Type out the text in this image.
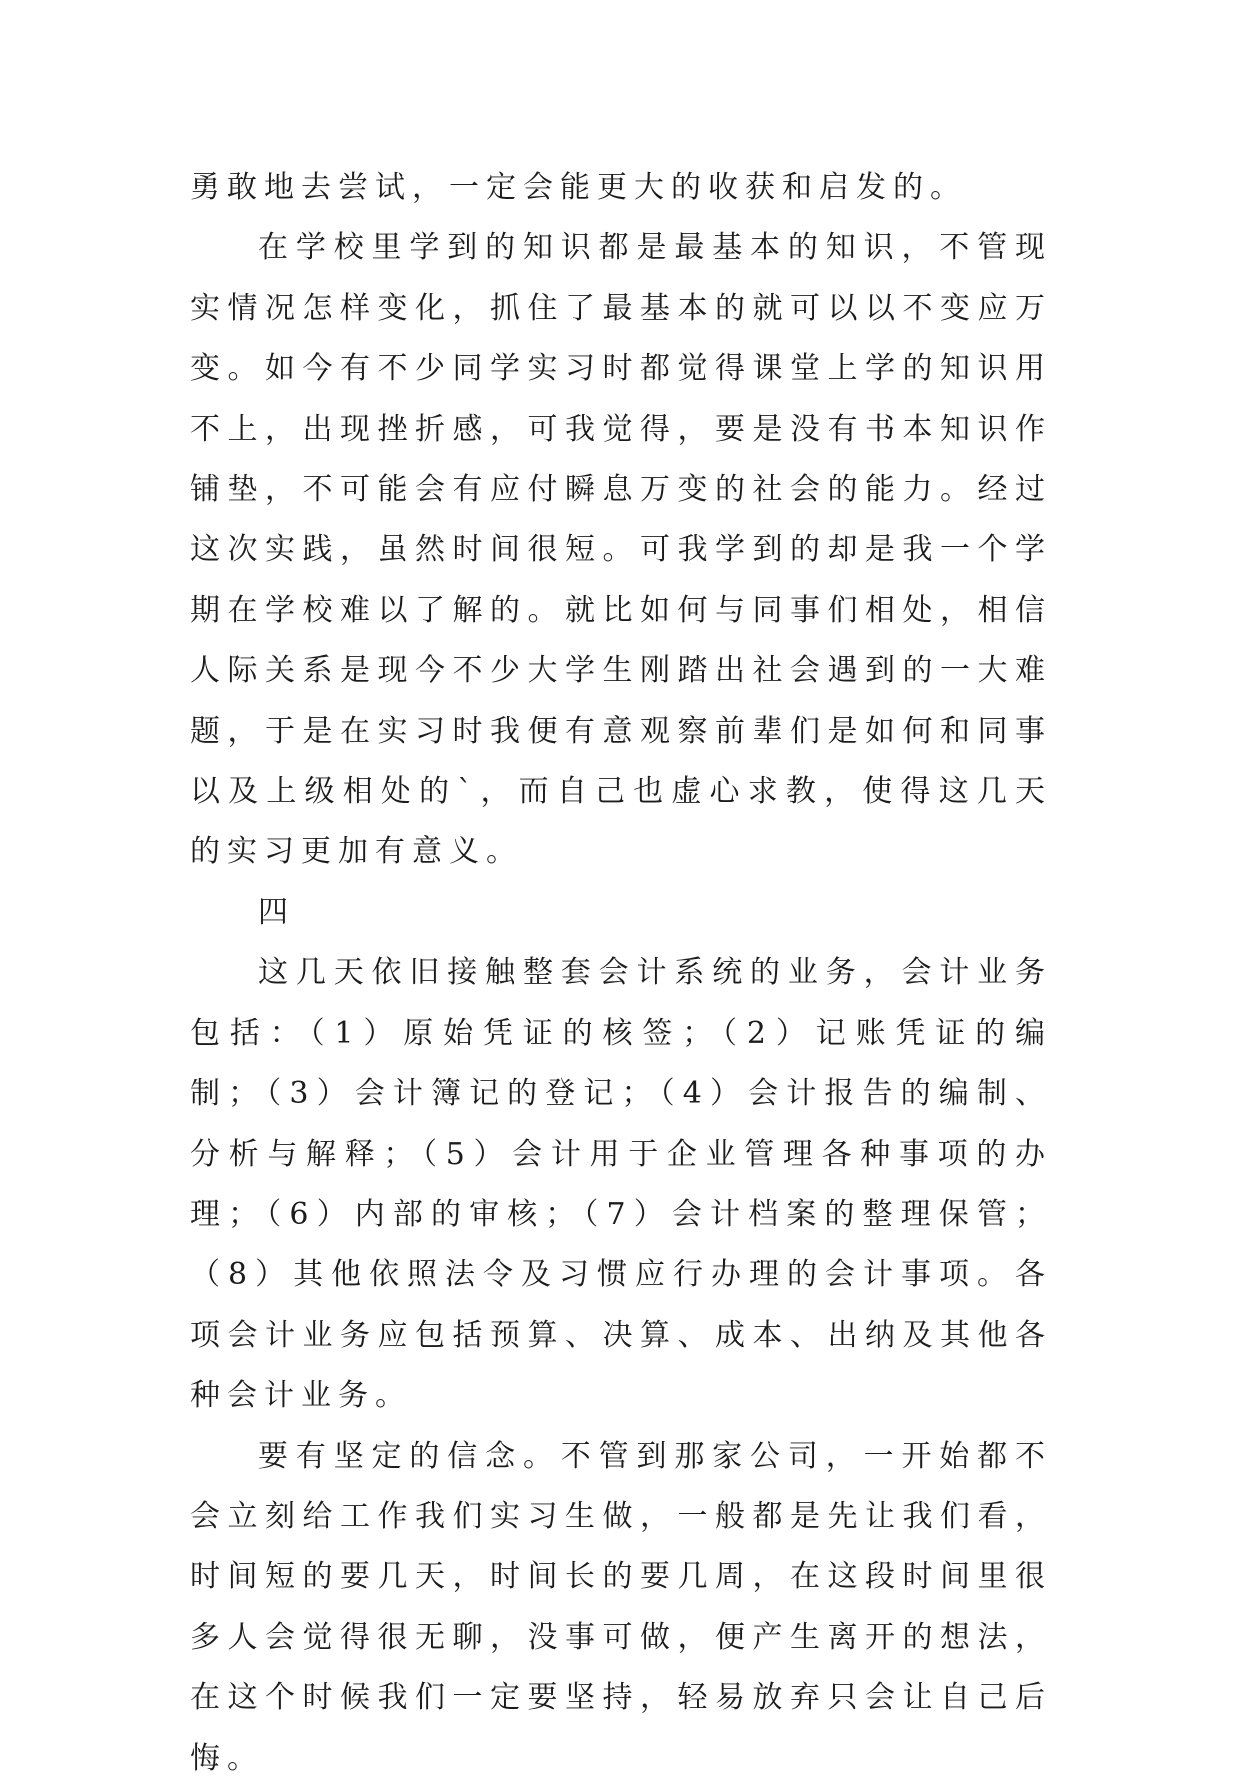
勇敢地去尝试，一定会能更大的收获和启发的。

在学校里学到的知识都是最基本的知识，不管现实情况怎样变化，抓住了最基本的就可以以不变应万变。如今有不少同学实习时都觉得课堂上学的知识用不上，出现挫折感，可我觉得，要是没有书本知识作铺垫，不可能会有应付瞬息万变的社会的能力。经过这次实践，虽然时间很短。可我学到的却是我一个学期在学校难以了解的。就比如何与同事们相处，相信人际关系是现今不少大学生刚踏出社会遇到的一大难题，于是在实习时我便有意观察前辈们是如何和同事以及上级相处的`，而自己也虚心求教，使得这几天的实习更加有意义。

四

这几天依旧接触整套会计系统的业务，会计业务包括：（1）原始凭证的核签；（2）记账凭证的编制；（3）会计簿记的登记；（4）会计报告的编制、分析与解释；（5）会计用于企业管理各种事项的办理；（6）内部的审核；（7）会计档案的整理保管；（8）其他依照法令及习惯应行办理的会计事项。各项会计业务应包括预算、决算、成本、出纳及其他各种会计业务。

要有坚定的信念。不管到那家公司，一开始都不会立刻给工作我们实习生做，一般都是先让我们看，时间短的要几天，时间长的要几周，在这段时间里很多人会觉得很无聊，没事可做，便产生离开的想法，在这个时候我们一定要坚持，轻易放弃只会让自己后悔。
